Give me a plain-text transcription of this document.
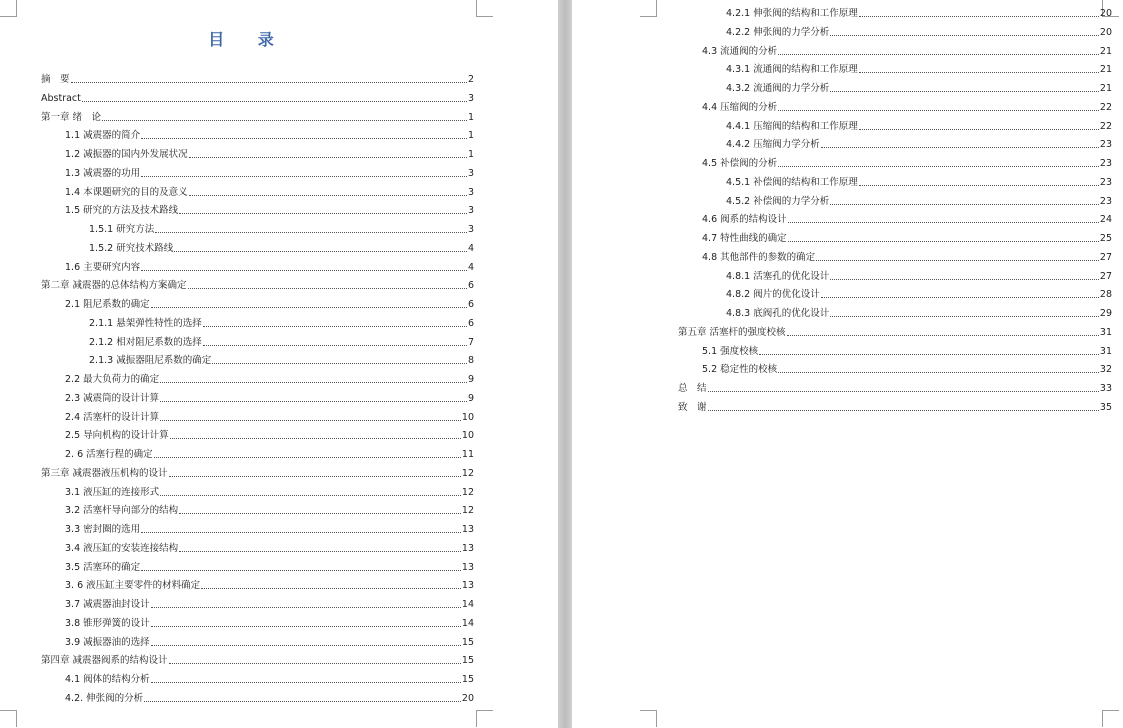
目 录
摘　要	2
Abstract	3
第一章 绪　论	1
1.1 减震器的简介	1
1.2 减振器的国内外发展状况	1
1.3 减震器的功用	3
1.4 本课题研究的目的及意义	3
1.5 研究的方法及技术路线	3
1.5.1 研究方法	3
1.5.2 研究技术路线	4
1.6 主要研究内容	4
第二章 减震器的总体结构方案确定	6
2.1 阻尼系数的确定	6
2.1.1 悬架弹性特性的选择	6
2.1.2 相对阻尼系数的选择	7
2.1.3 减振器阻尼系数的确定	8
2.2 最大负荷力的确定	9
2.3 减震筒的设计计算	9
2.4 活塞杆的设计计算	10
2.5 导向机构的设计计算	10
2. 6 活塞行程的确定	11
第三章 减震器液压机构的设计	12
3.1 液压缸的连接形式	12
3.2 活塞杆导向部分的结构	12
3.3 密封圈的选用	13
3.4 液压缸的安装连接结构	13
3.5 活塞环的确定	13
3. 6 液压缸主要零件的材料确定	13
3.7 减震器油封设计	14
3.8 锥形弹簧的设计	14
3.9 减振器油的选择	15
第四章 减震器阀系的结构设计	15
4.1 阀体的结构分析	15
4.2. 伸张阀的分析	20
4.2.1 伸张阀的结构和工作原理	20
4.2.2 伸张阀的力学分析	20
4.3 流通阀的分析	21
4.3.1 流通阀的结构和工作原理	21
4.3.2 流通阀的力学分析	21
4.4 压缩阀的分析	22
4.4.1 压缩阀的结构和工作原理	22
4.4.2 压缩阀力学分析	23
4.5 补偿阀的分析	23
4.5.1 补偿阀的结构和工作原理	23
4.5.2 补偿阀的力学分析	23
4.6 阀系的结构设计	24
4.7 特性曲线的确定	25
4.8 其他部件的参数的确定	27
4.8.1 活塞孔的优化设计	27
4.8.2 阀片的优化设计	28
4.8.3 底阀孔的优化设计	29
第五章 活塞杆的强度校核	31
5.1 强度校核	31
5.2 稳定性的校核	32
总　结	33
致　谢	35
